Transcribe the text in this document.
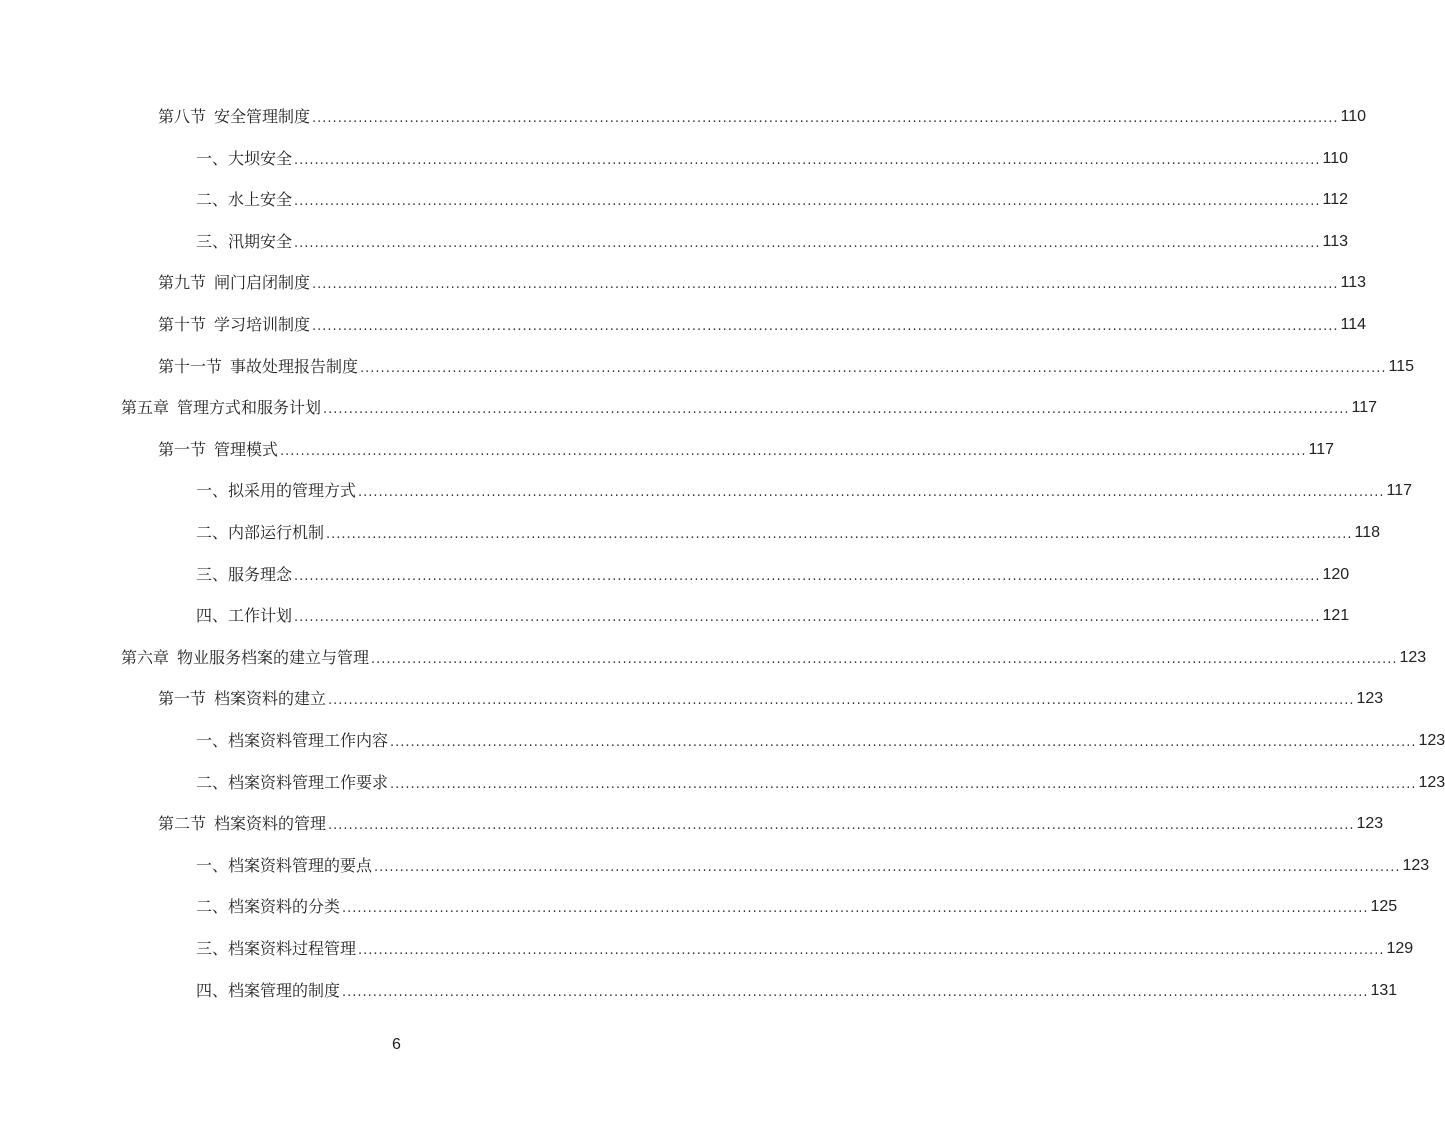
第八节 安全管理制度 ........................................................................................................................................................................................................ 110
一、大坝安全 ........................................................................................................................................................................................................ 110
二、水上安全 ........................................................................................................................................................................................................ 112
三、汛期安全 ........................................................................................................................................................................................................ 113
第九节 闸门启闭制度 ........................................................................................................................................................................................................ 113
第十节 学习培训制度 ........................................................................................................................................................................................................ 114
第十一节 事故处理报告制度 ........................................................................................................................................................................................................ 115
第五章 管理方式和服务计划 ........................................................................................................................................................................................................ 117
第一节 管理模式 ........................................................................................................................................................................................................ 117
一、拟采用的管理方式 ........................................................................................................................................................................................................ 117
二、内部运行机制 ........................................................................................................................................................................................................ 118
三、服务理念 ........................................................................................................................................................................................................ 120
四、工作计划 ........................................................................................................................................................................................................ 121
第六章 物业服务档案的建立与管理 ........................................................................................................................................................................................................ 123
第一节 档案资料的建立 ........................................................................................................................................................................................................ 123
一、档案资料管理工作内容 ........................................................................................................................................................................................................ 123
二、档案资料管理工作要求 ........................................................................................................................................................................................................ 123
第二节 档案资料的管理 ........................................................................................................................................................................................................ 123
一、档案资料管理的要点 ........................................................................................................................................................................................................ 123
二、档案资料的分类 ........................................................................................................................................................................................................ 125
三、档案资料过程管理 ........................................................................................................................................................................................................ 129
四、档案管理的制度 ........................................................................................................................................................................................................ 131
6
